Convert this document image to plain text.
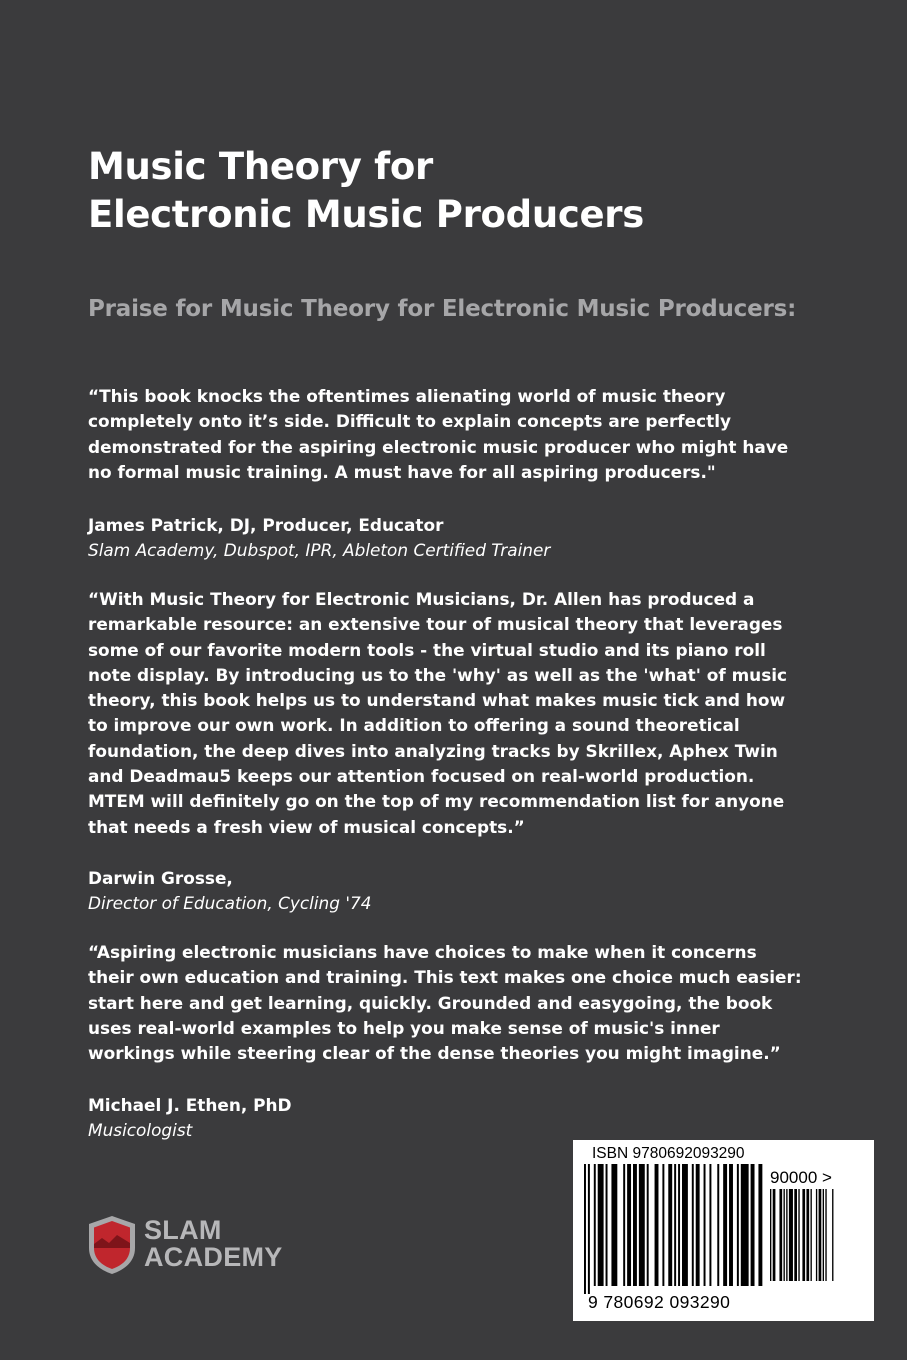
Music Theory for
Electronic Music Producers
Praise for Music Theory for Electronic Music Producers:
“This book knocks the oftentimes alienating world of music theory
completely onto it’s side. Difficult to explain concepts are perfectly
demonstrated for the aspiring electronic music producer who might have
no formal music training. A must have for all aspiring producers."
James Patrick, DJ, Producer, Educator
Slam Academy, Dubspot, IPR, Ableton Certified Trainer
“With Music Theory for Electronic Musicians, Dr. Allen has produced a
remarkable resource: an extensive tour of musical theory that leverages
some of our favorite modern tools - the virtual studio and its piano roll
note display. By introducing us to the 'why' as well as the 'what' of music
theory, this book helps us to understand what makes music tick and how
to improve our own work. In addition to offering a sound theoretical
foundation, the deep dives into analyzing tracks by Skrillex, Aphex Twin
and Deadmau5 keeps our attention focused on real-world production.
MTEM will definitely go on the top of my recommendation list for anyone
that needs a fresh view of musical concepts.”
Darwin Grosse,
Director of Education, Cycling '74
“Aspiring electronic musicians have choices to make when it concerns
their own education and training. This text makes one choice much easier:
start here and get learning, quickly. Grounded and easygoing, the book
uses real-world examples to help you make sense of music's inner
workings while steering clear of the dense theories you might imagine.”
Michael J. Ethen, PhD
Musicologist
SLAM
ACADEMY
ISBN 9780692093290
90000 >
9 780692 093290
